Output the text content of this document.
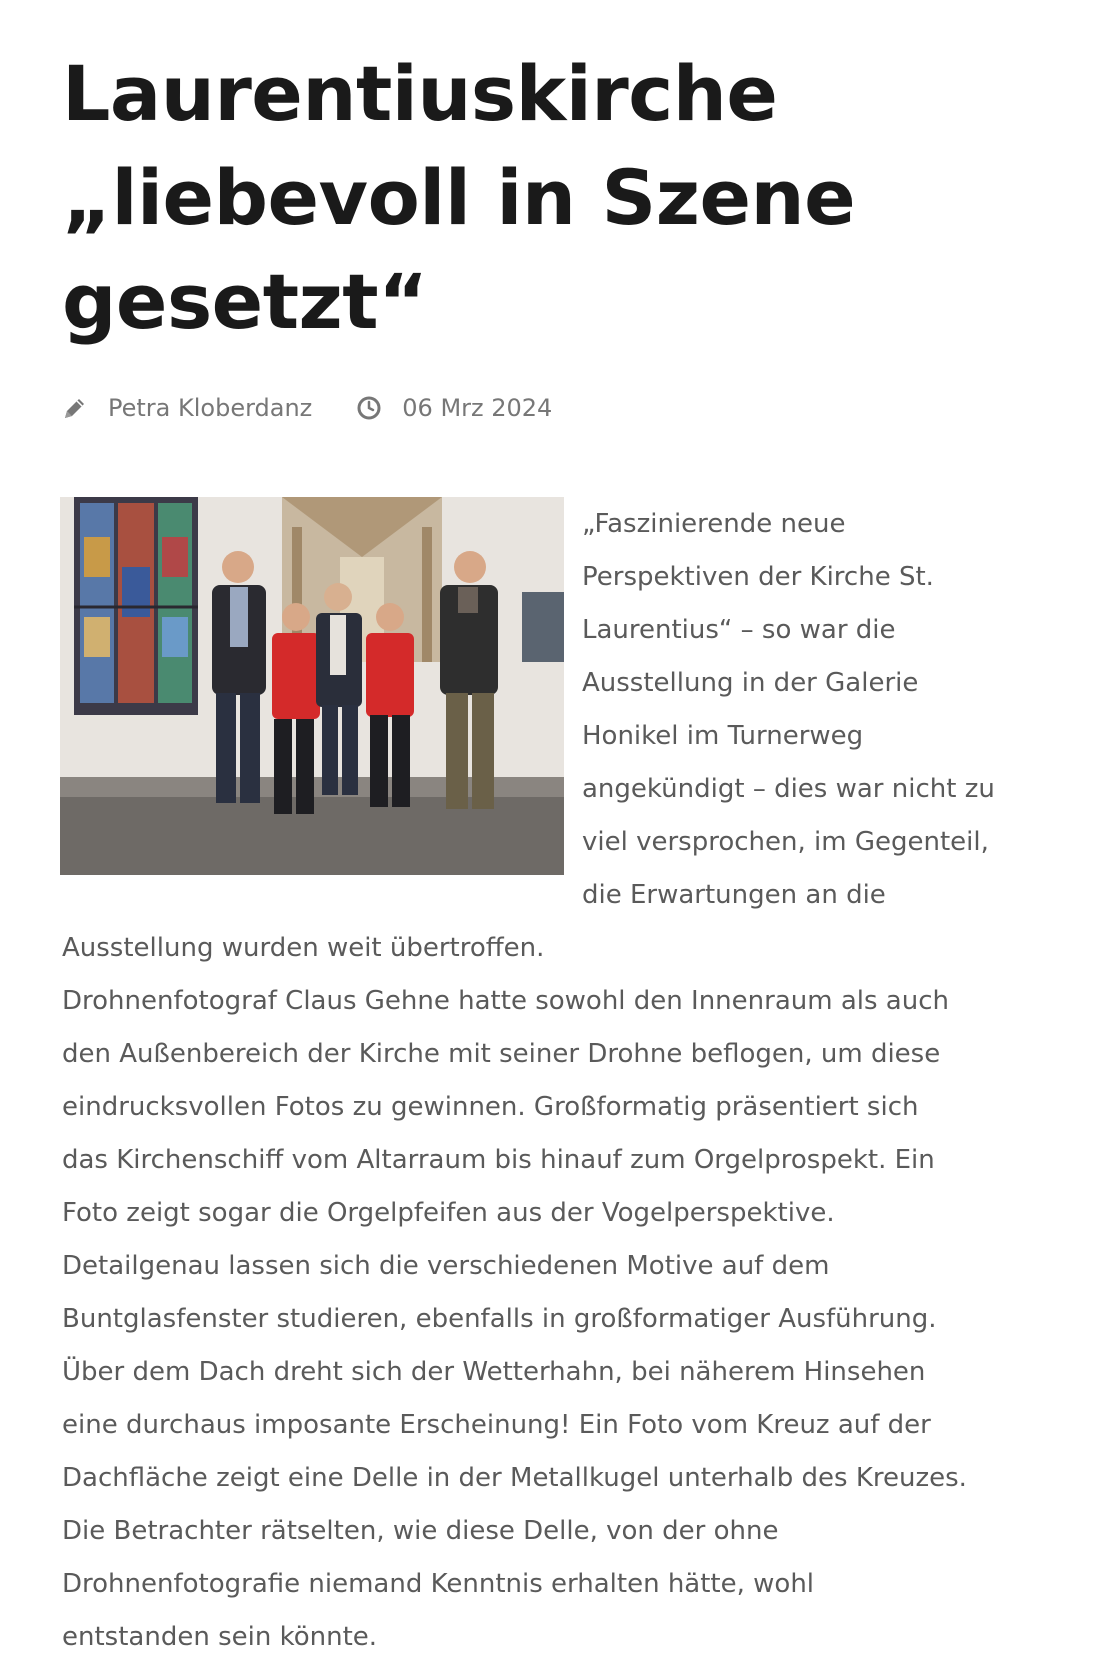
Laurentiuskirche
„liebevoll in Szene
gesetzt“
Petra Kloberdanz	06 Mrz 2024
„Faszinierende neue
Perspektiven der Kirche St.
Laurentius“ – so war die
Ausstellung in der Galerie
Honikel im Turnerweg
angekündigt – dies war nicht zu
viel versprochen, im Gegenteil,
die Erwartungen an die
Ausstellung wurden weit übertroffen.
Drohnenfotograf Claus Gehne hatte sowohl den Innenraum als auch
den Außenbereich der Kirche mit seiner Drohne beflogen, um diese
eindrucksvollen Fotos zu gewinnen. Großformatig präsentiert sich
das Kirchenschiff vom Altarraum bis hinauf zum Orgelprospekt. Ein
Foto zeigt sogar die Orgelpfeifen aus der Vogelperspektive.
Detailgenau lassen sich die verschiedenen Motive auf dem
Buntglasfenster studieren, ebenfalls in großformatiger Ausführung.
Über dem Dach dreht sich der Wetterhahn, bei näherem Hinsehen
eine durchaus imposante Erscheinung! Ein Foto vom Kreuz auf der
Dachfläche zeigt eine Delle in der Metallkugel unterhalb des Kreuzes.
Die Betrachter rätselten, wie diese Delle, von der ohne
Drohnenfotografie niemand Kenntnis erhalten hätte, wohl
entstanden sein könnte.
